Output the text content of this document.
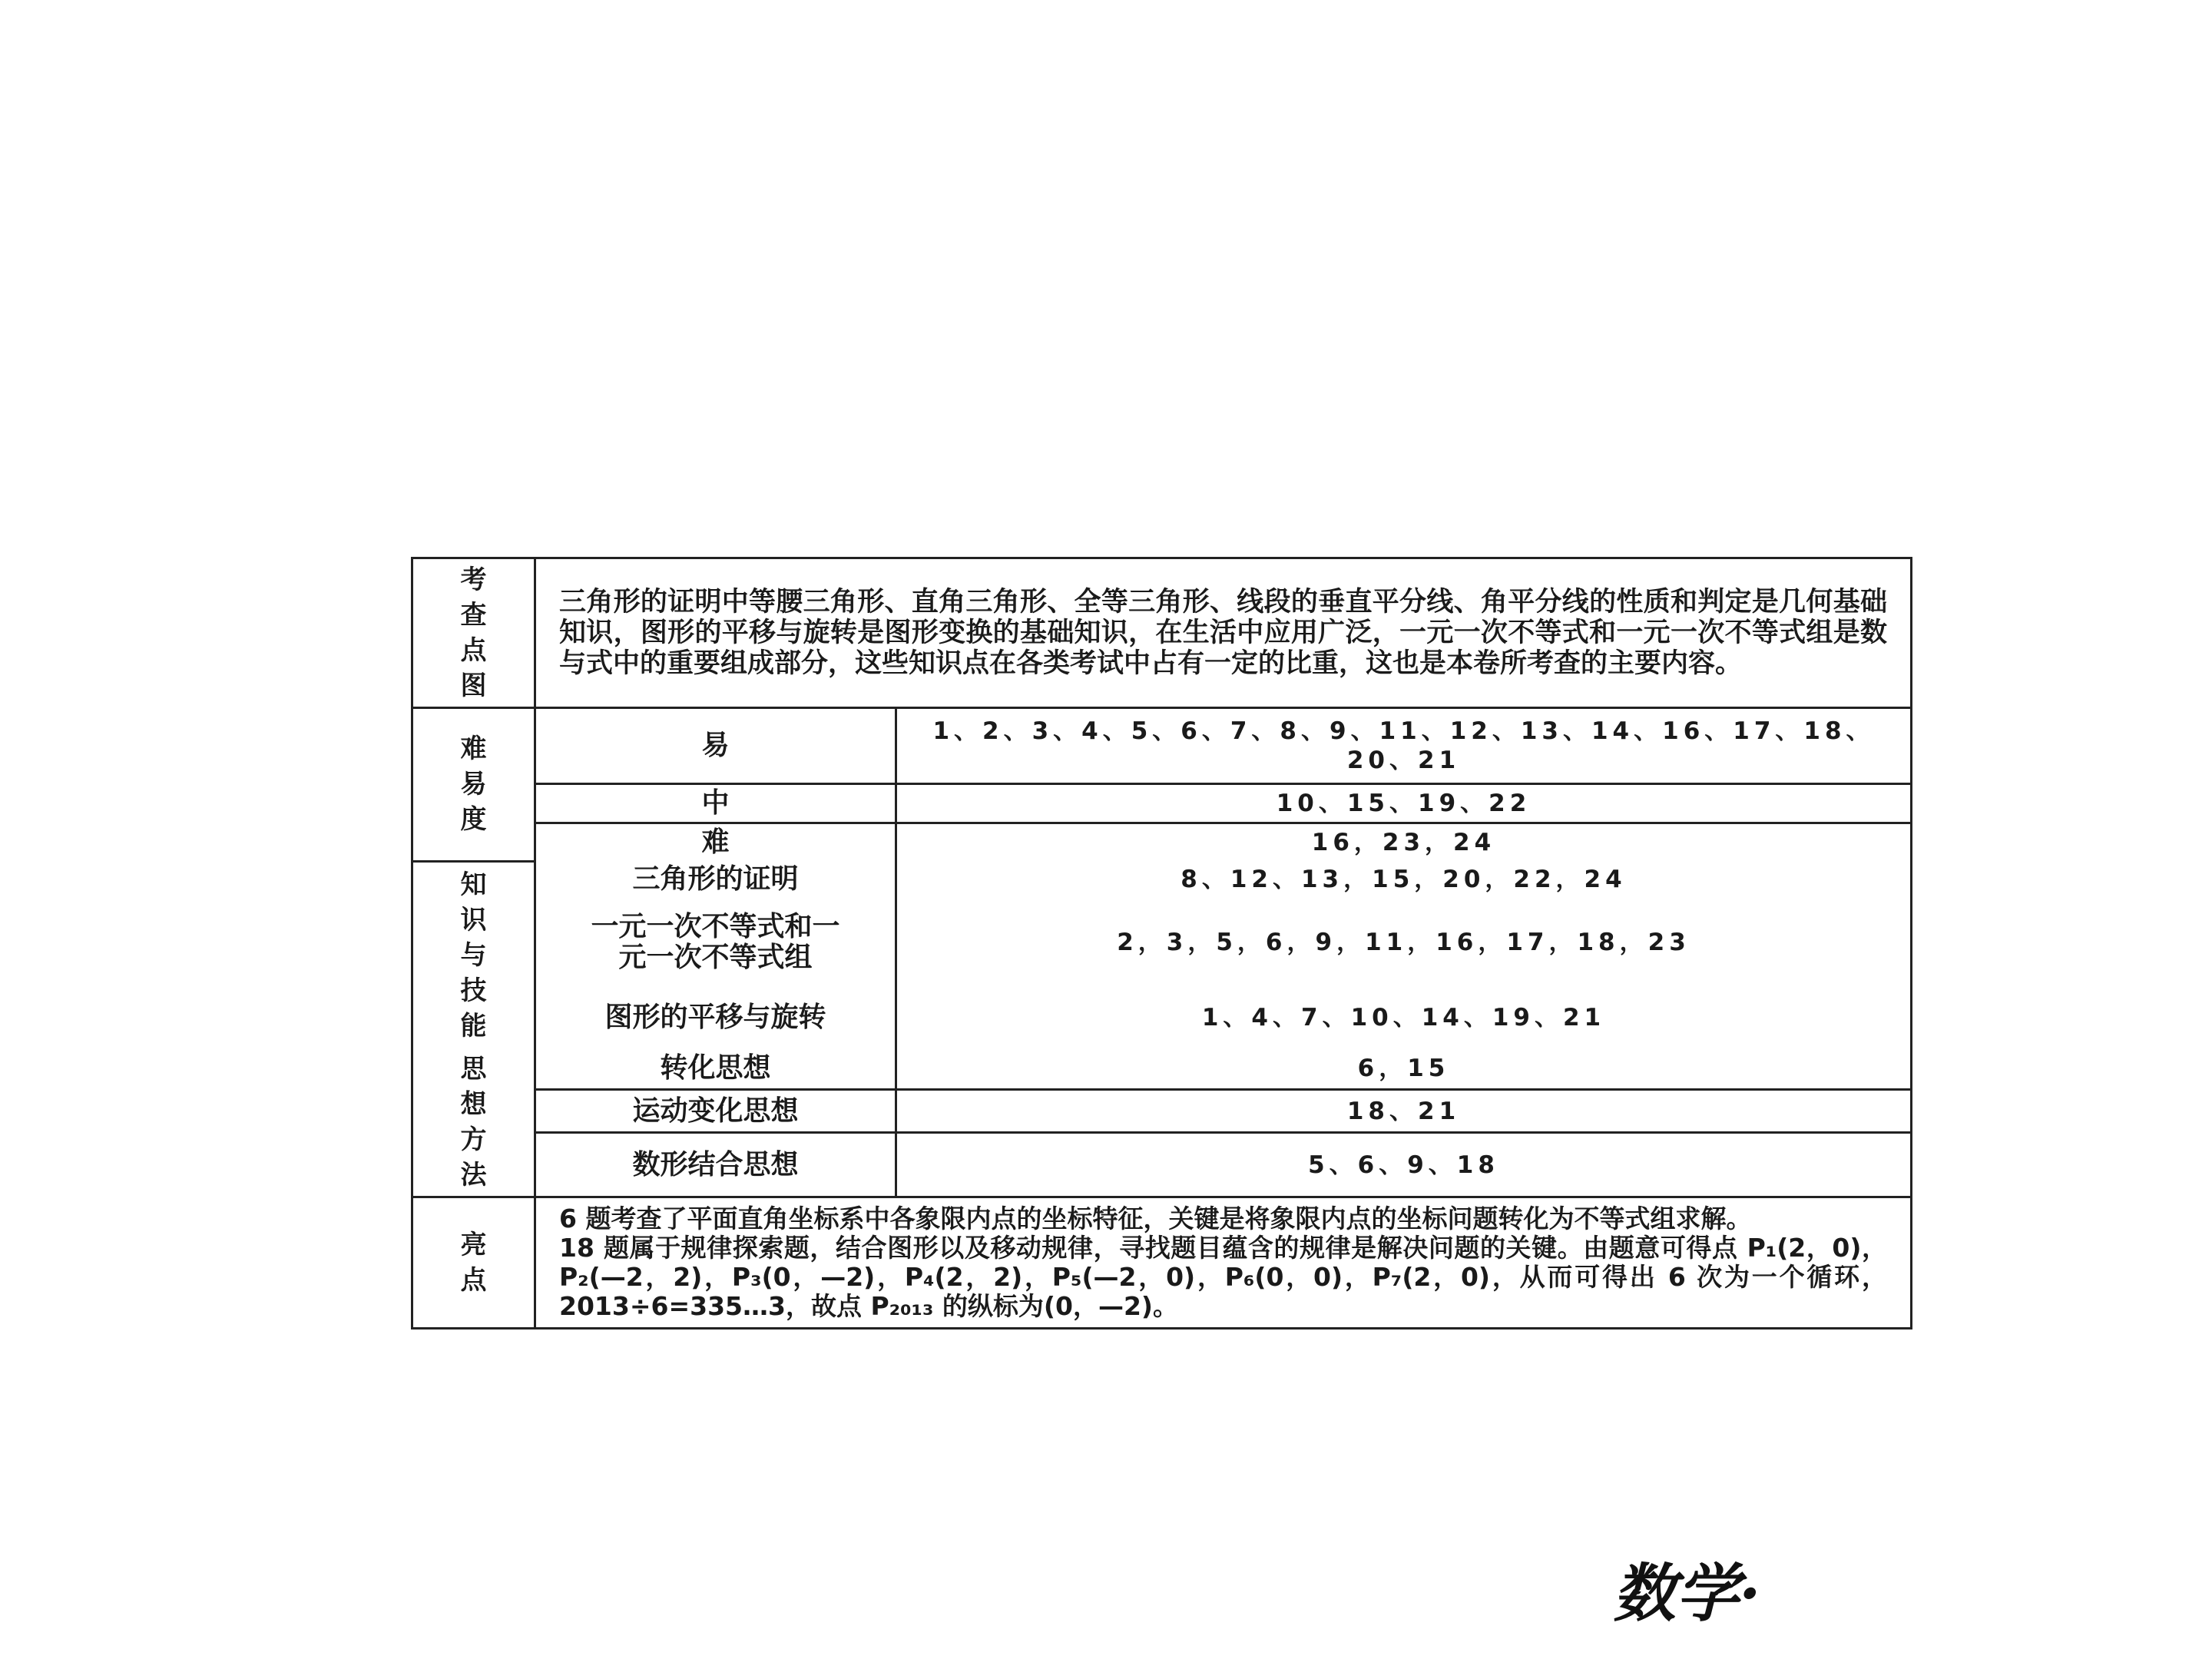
考查点图	三角形的证明中等腰三角形、直角三角形、全等三角形、线段的垂直平分线、角平分线的性质和判定是几何基础知识，图形的平移与旋转是图形变换的基础知识，在生活中应用广泛，一元一次不等式和一元一次不等式组是数与式中的重要组成部分，这些知识点在各类考试中占有一定的比重，这也是本卷所考查的主要内容。	
难易度	易	1、2、3、4、5、6、7、8、9、11、12、13、14、16、17、18、20、21
	中	10、15、19、22
	难	16，23，24
知识与技能	三角形的证明	8、12、13，15，20，22，24
	一元一次不等式和一元一次不等式组	2，3，5，6，9，11，16，17，18，23
	图形的平移与旋转	1、4、7、10、14、19、21
思想方法	转化思想	6，15
	运动变化思想	18、21
	数形结合思想	5、6、9、18
亮点	6 题考查了平面直角坐标系中各象限内点的坐标特征，关键是将象限内点的坐标问题转化为不等式组求解。
18 题属于规律探索题，结合图形以及移动规律，寻找题目蕴含的规律是解决问题的关键。由题意可得点 P₁(2，0)，P₂(—2，2)，P₃(0，—2)，P₄(2，2)，P₅(—2，0)，P₆(0，0)，P₇(2，0)，从而可得出 6 次为一个循环，2013÷6=335…3，故点 P₂₀₁₃ 的纵标为(0，—2)。	
数学·
